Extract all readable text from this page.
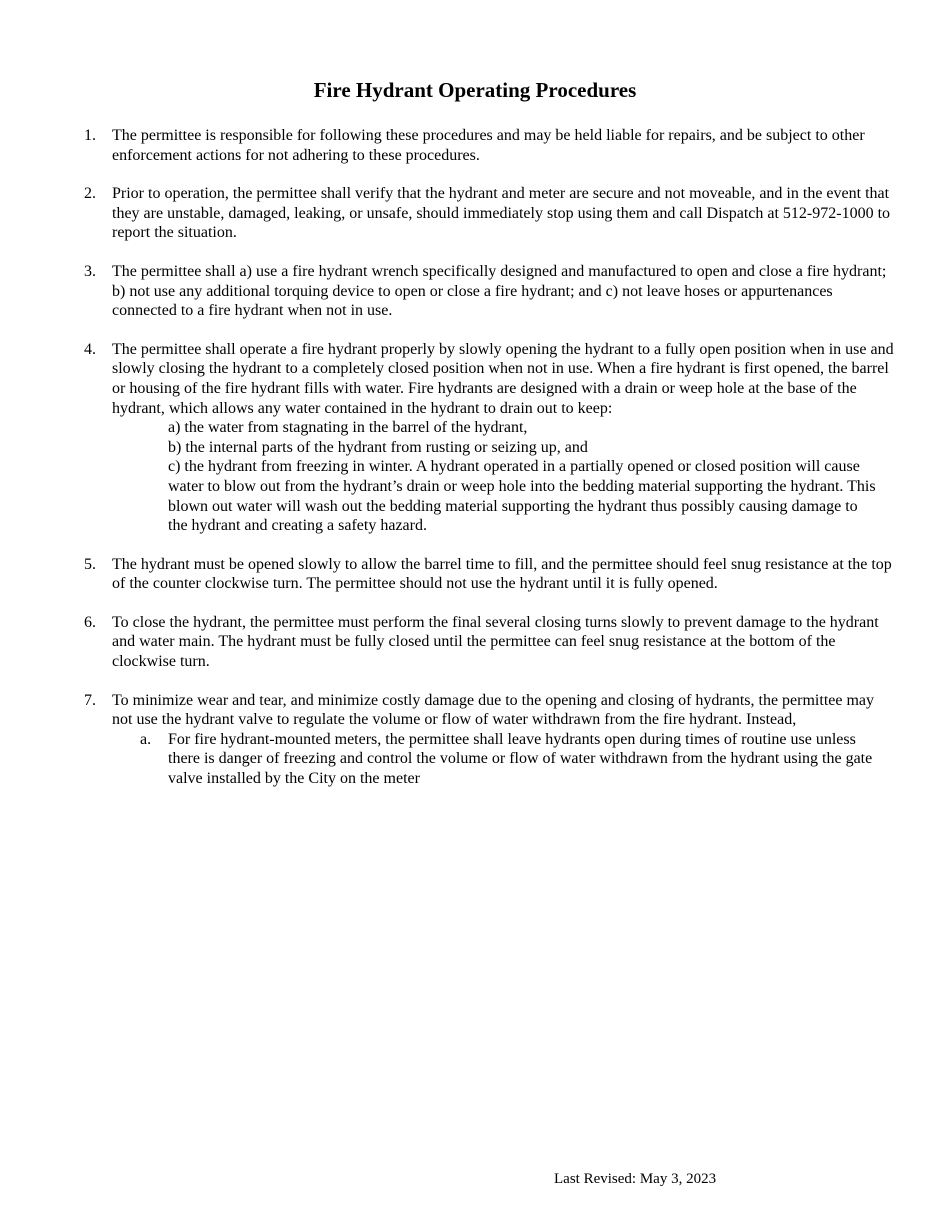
Fire Hydrant Operating Procedures
1. The permittee is responsible for following these procedures and may be held liable for repairs, and be subject to other enforcement actions for not adhering to these procedures.
2. Prior to operation, the permittee shall verify that the hydrant and meter are secure and not moveable, and in the event that they are unstable, damaged, leaking, or unsafe, should immediately stop using them and call Dispatch at 512-972-1000 to report the situation.
3. The permittee shall a) use a fire hydrant wrench specifically designed and manufactured to open and close a fire hydrant; b) not use any additional torquing device to open or close a fire hydrant; and c) not leave hoses or appurtenances connected to a fire hydrant when not in use.
4. The permittee shall operate a fire hydrant properly by slowly opening the hydrant to a fully open position when in use and slowly closing the hydrant to a completely closed position when not in use. When a fire hydrant is first opened, the barrel or housing of the fire hydrant fills with water. Fire hydrants are designed with a drain or weep hole at the base of the hydrant, which allows any water contained in the hydrant to drain out to keep:
a) the water from stagnating in the barrel of the hydrant,
b) the internal parts of the hydrant from rusting or seizing up, and
c) the hydrant from freezing in winter. A hydrant operated in a partially opened or closed position will cause water to blow out from the hydrant’s drain or weep hole into the bedding material supporting the hydrant. This blown out water will wash out the bedding material supporting the hydrant thus possibly causing damage to the hydrant and creating a safety hazard.
5. The hydrant must be opened slowly to allow the barrel time to fill, and the permittee should feel snug resistance at the top of the counter clockwise turn. The permittee should not use the hydrant until it is fully opened.
6. To close the hydrant, the permittee must perform the final several closing turns slowly to prevent damage to the hydrant and water main. The hydrant must be fully closed until the permittee can feel snug resistance at the bottom of the clockwise turn.
7. To minimize wear and tear, and minimize costly damage due to the opening and closing of hydrants, the permittee may not use the hydrant valve to regulate the volume or flow of water withdrawn from the fire hydrant. Instead,
a. For fire hydrant-mounted meters, the permittee shall leave hydrants open during times of routine use unless there is danger of freezing and control the volume or flow of water withdrawn from the hydrant using the gate valve installed by the City on the meter
Last Revised: May 3, 2023
